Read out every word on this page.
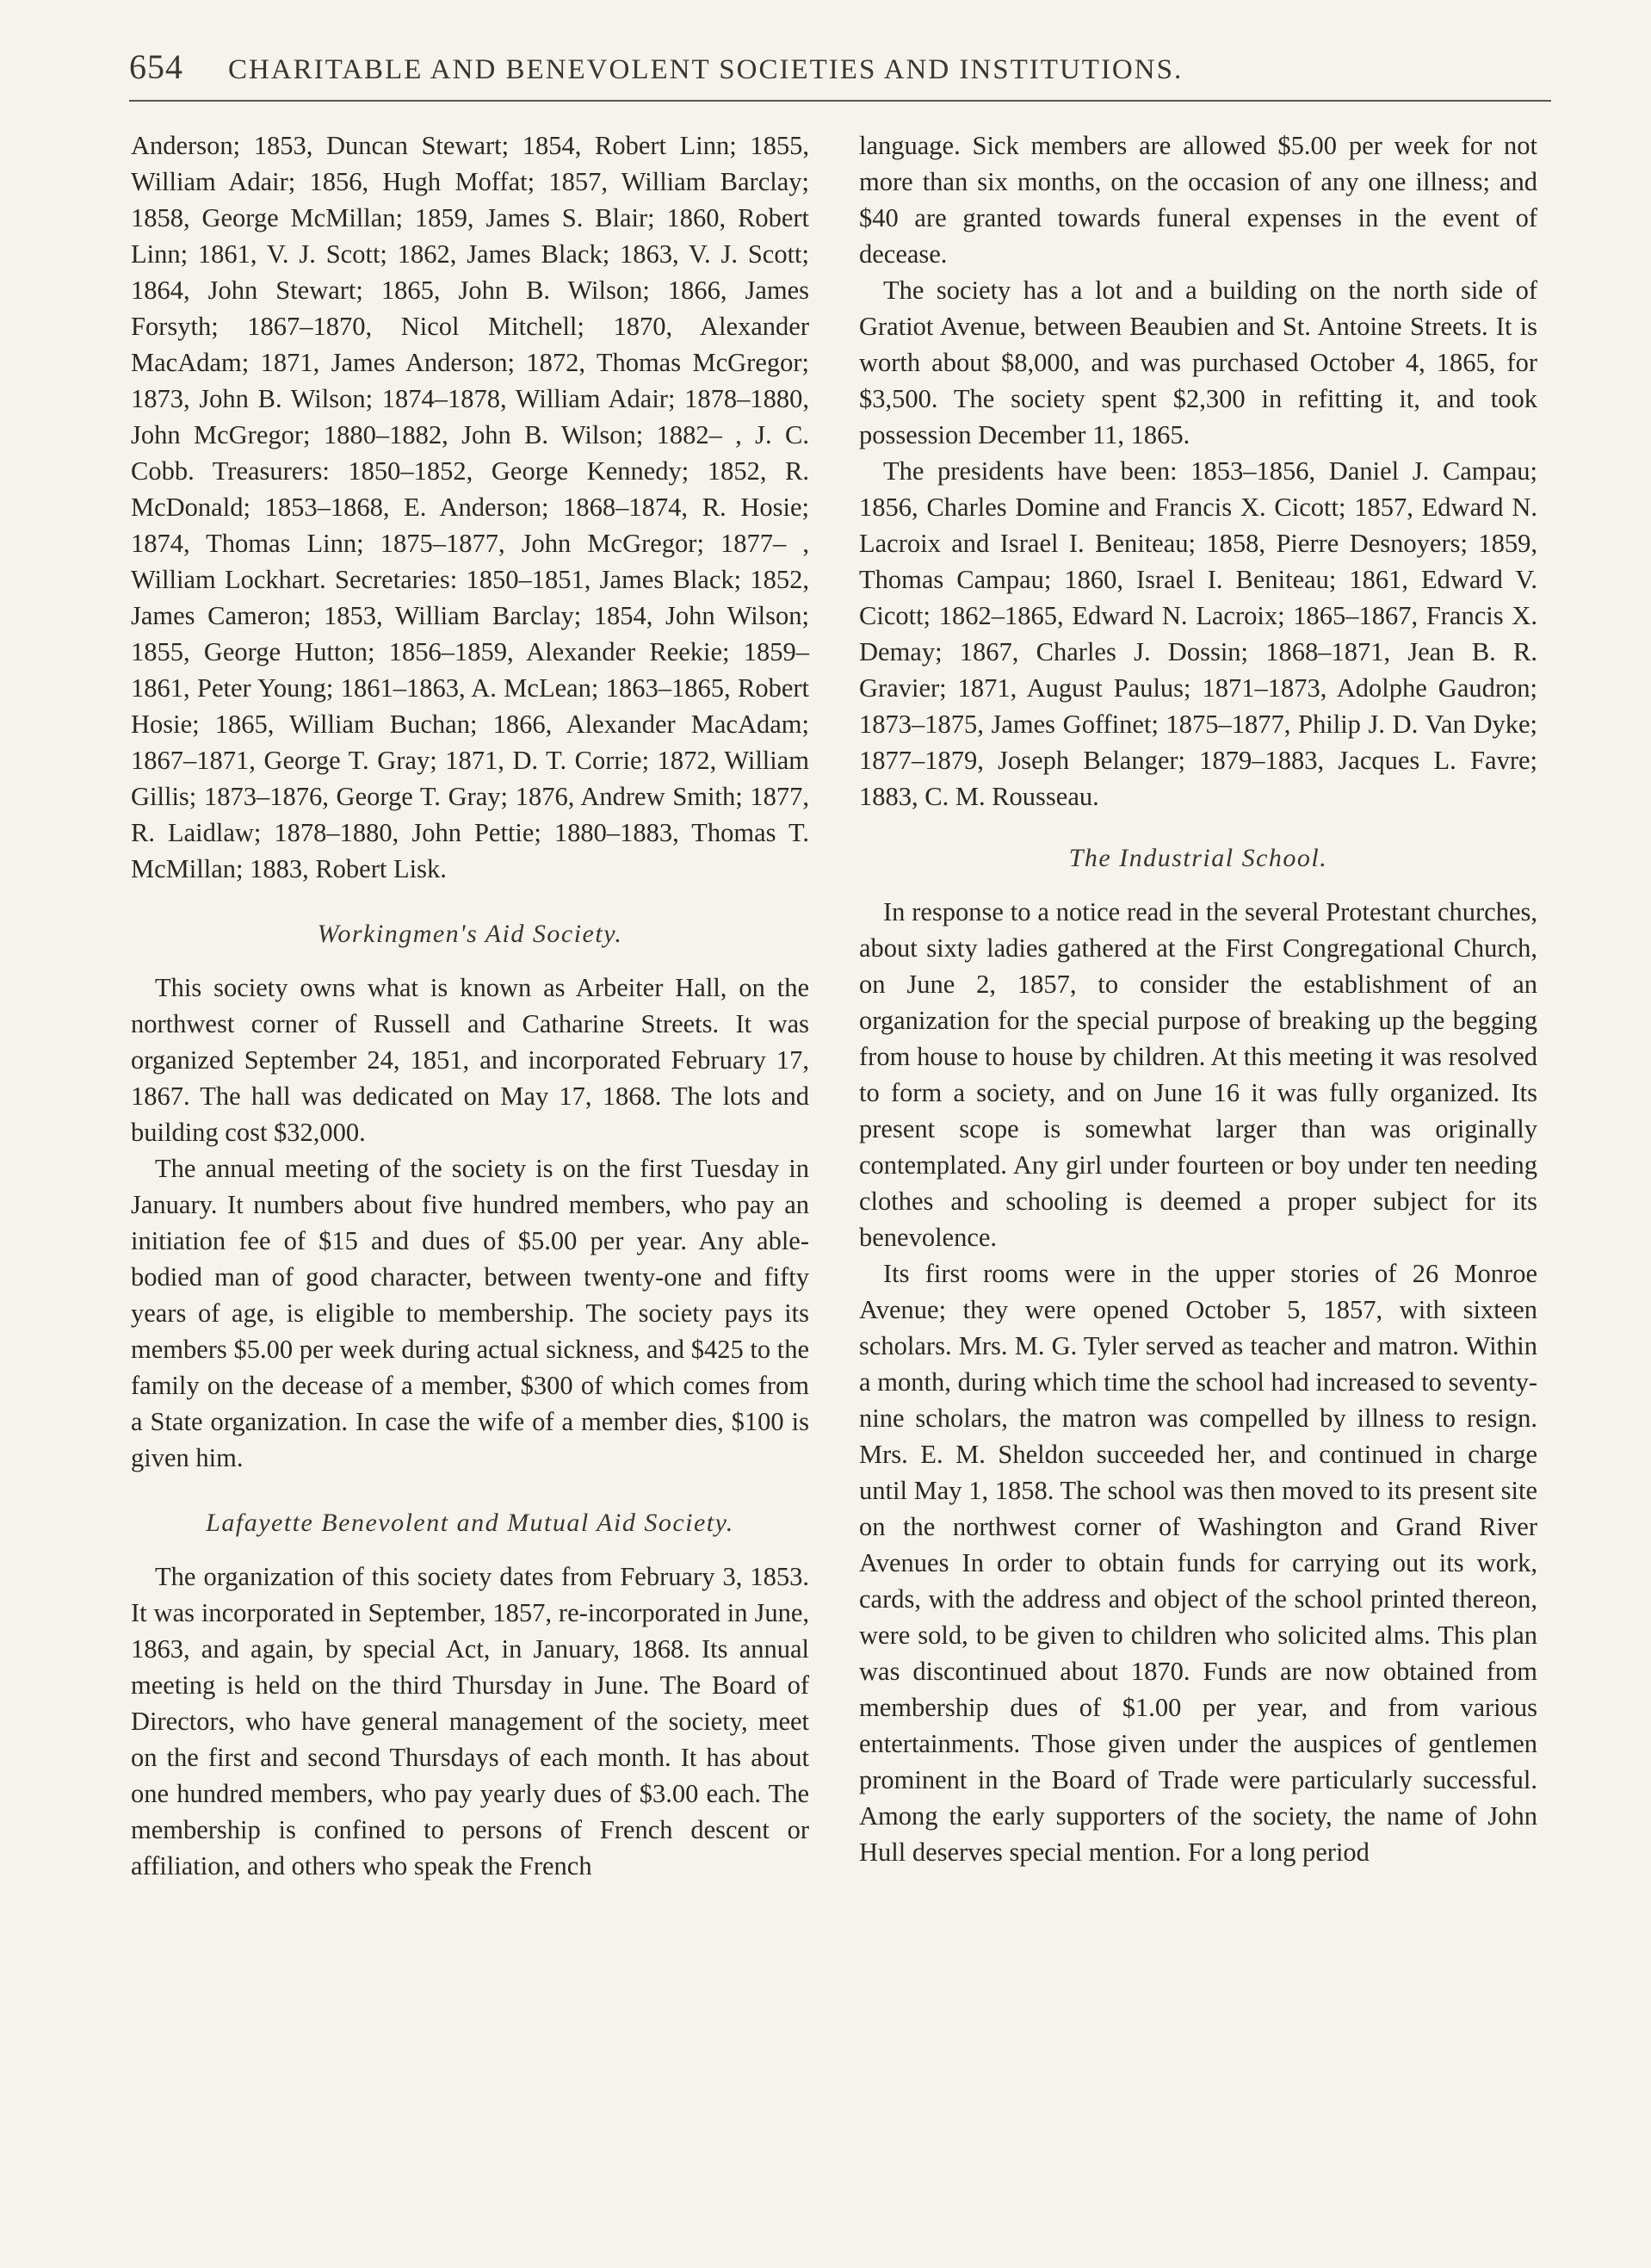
654 CHARITABLE AND BENEVOLENT SOCIETIES AND INSTITUTIONS.

Anderson; 1853, Duncan Stewart; 1854, Robert Linn; 1855, William Adair; 1856, Hugh Moffat; 1857, William Barclay; 1858, George McMillan; 1859, James S. Blair; 1860, Robert Linn; 1861, V. J. Scott; 1862, James Black; 1863, V. J. Scott; 1864, John Stewart; 1865, John B. Wilson; 1866, James Forsyth; 1867–1870, Nicol Mitchell; 1870, Alexander MacAdam; 1871, James Anderson; 1872, Thomas McGregor; 1873, John B. Wilson; 1874–1878, William Adair; 1878–1880, John McGregor; 1880–1882, John B. Wilson; 1882– , J. C. Cobb. Treasurers: 1850–1852, George Kennedy; 1852, R. McDonald; 1853–1868, E. Anderson; 1868–1874, R. Hosie; 1874, Thomas Linn; 1875–1877, John McGregor; 1877– , William Lockhart. Secretaries: 1850–1851, James Black; 1852, James Cameron; 1853, William Barclay; 1854, John Wilson; 1855, George Hutton; 1856–1859, Alexander Reekie; 1859–1861, Peter Young; 1861–1863, A. McLean; 1863–1865, Robert Hosie; 1865, William Buchan; 1866, Alexander MacAdam; 1867–1871, George T. Gray; 1871, D. T. Corrie; 1872, William Gillis; 1873–1876, George T. Gray; 1876, Andrew Smith; 1877, R. Laidlaw; 1878–1880, John Pettie; 1880–1883, Thomas T. McMillan; 1883, Robert Lisk.

Workingmen's Aid Society.

This society owns what is known as Arbeiter Hall, on the northwest corner of Russell and Catharine Streets. It was organized September 24, 1851, and incorporated February 17, 1867. The hall was dedicated on May 17, 1868. The lots and building cost $32,000.

The annual meeting of the society is on the first Tuesday in January. It numbers about five hundred members, who pay an initiation fee of $15 and dues of $5.00 per year. Any able-bodied man of good character, between twenty-one and fifty years of age, is eligible to membership. The society pays its members $5.00 per week during actual sickness, and $425 to the family on the decease of a member, $300 of which comes from a State organization. In case the wife of a member dies, $100 is given him.

Lafayette Benevolent and Mutual Aid Society.

The organization of this society dates from February 3, 1853. It was incorporated in September, 1857, re-incorporated in June, 1863, and again, by special Act, in January, 1868. Its annual meeting is held on the third Thursday in June. The Board of Directors, who have general management of the society, meet on the first and second Thursdays of each month. It has about one hundred members, who pay yearly dues of $3.00 each. The membership is confined to persons of French descent or affiliation, and others who speak the French

language. Sick members are allowed $5.00 per week for not more than six months, on the occasion of any one illness; and $40 are granted towards funeral expenses in the event of decease.

The society has a lot and a building on the north side of Gratiot Avenue, between Beaubien and St. Antoine Streets. It is worth about $8,000, and was purchased October 4, 1865, for $3,500. The society spent $2,300 in refitting it, and took possession December 11, 1865.

The presidents have been: 1853–1856, Daniel J. Campau; 1856, Charles Domine and Francis X. Cicott; 1857, Edward N. Lacroix and Israel I. Beniteau; 1858, Pierre Desnoyers; 1859, Thomas Campau; 1860, Israel I. Beniteau; 1861, Edward V. Cicott; 1862–1865, Edward N. Lacroix; 1865–1867, Francis X. Demay; 1867, Charles J. Dossin; 1868–1871, Jean B. R. Gravier; 1871, August Paulus; 1871–1873, Adolphe Gaudron; 1873–1875, James Goffinet; 1875–1877, Philip J. D. Van Dyke; 1877–1879, Joseph Belanger; 1879–1883, Jacques L. Favre; 1883, C. M. Rousseau.

The Industrial School.

In response to a notice read in the several Protestant churches, about sixty ladies gathered at the First Congregational Church, on June 2, 1857, to consider the establishment of an organization for the special purpose of breaking up the begging from house to house by children. At this meeting it was resolved to form a society, and on June 16 it was fully organized. Its present scope is somewhat larger than was originally contemplated. Any girl under fourteen or boy under ten needing clothes and schooling is deemed a proper subject for its benevolence.

Its first rooms were in the upper stories of 26 Monroe Avenue; they were opened October 5, 1857, with sixteen scholars. Mrs. M. G. Tyler served as teacher and matron. Within a month, during which time the school had increased to seventy-nine scholars, the matron was compelled by illness to resign. Mrs. E. M. Sheldon succeeded her, and continued in charge until May 1, 1858. The school was then moved to its present site on the northwest corner of Washington and Grand River Avenues In order to obtain funds for carrying out its work, cards, with the address and object of the school printed thereon, were sold, to be given to children who solicited alms. This plan was discontinued about 1870. Funds are now obtained from membership dues of $1.00 per year, and from various entertainments. Those given under the auspices of gentlemen prominent in the Board of Trade were particularly successful. Among the early supporters of the society, the name of John Hull deserves special mention. For a long period
